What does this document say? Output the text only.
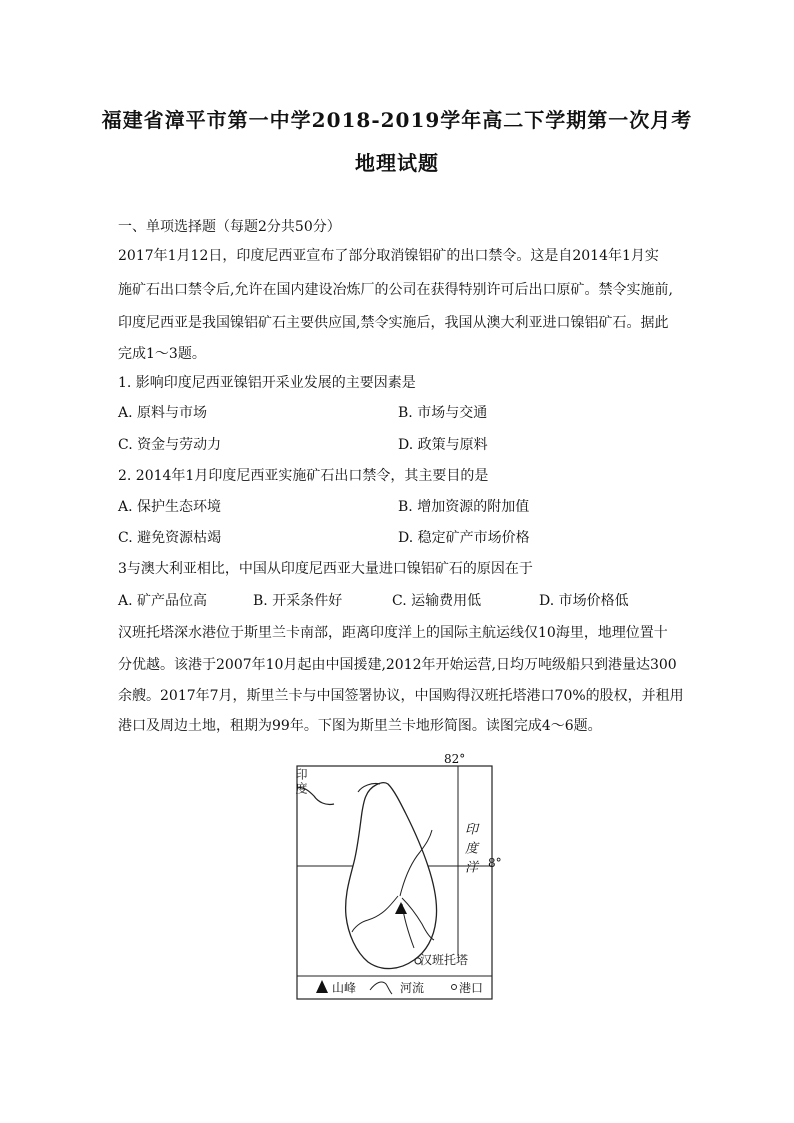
福建省漳平市第一中学2018-2019学年高二下学期第一次月考
地理试题
一、单项选择题（每题2分共50分）
2017年1月12日，印度尼西亚宣布了部分取消镍铝矿的出口禁令。这是自2014年1月实
施矿石出口禁令后,允许在国内建设冶炼厂的公司在获得特别许可后出口原矿。禁令实施前,
印度尼西亚是我国镍铝矿石主要供应国,禁令实施后，我国从澳大利亚进口镍铝矿石。据此
完成1～3题。
1. 影响印度尼西亚镍铝开采业发展的主要因素是
A. 原料与市场	B. 市场与交通
C. 资金与劳动力	D. 政策与原料
2. 2014年1月印度尼西亚实施矿石出口禁令，其主要目的是
A. 保护生态环境	B. 增加资源的附加值
C. 避免资源枯竭	D. 稳定矿产市场价格
3与澳大利亚相比，中国从印度尼西亚大量进口镍铝矿石的原因在于
A. 矿产品位高	B. 开采条件好	C. 运输费用低	D. 市场价格低
汉班托塔深水港位于斯里兰卡南部，距离印度洋上的国际主航运线仅10海里，地理位置十
分优越。该港于2007年10月起由中国援建,2012年开始运营,日均万吨级船只到港量达300
余艘。2017年7月，斯里兰卡与中国签署协议，中国购得汉班托塔港口70%的股权，并租用
港口及周边土地，租期为99年。下图为斯里兰卡地形简图。读图完成4～6题。
82°
8°
印度
印度洋
汉班托塔
山峰	河流	港口
